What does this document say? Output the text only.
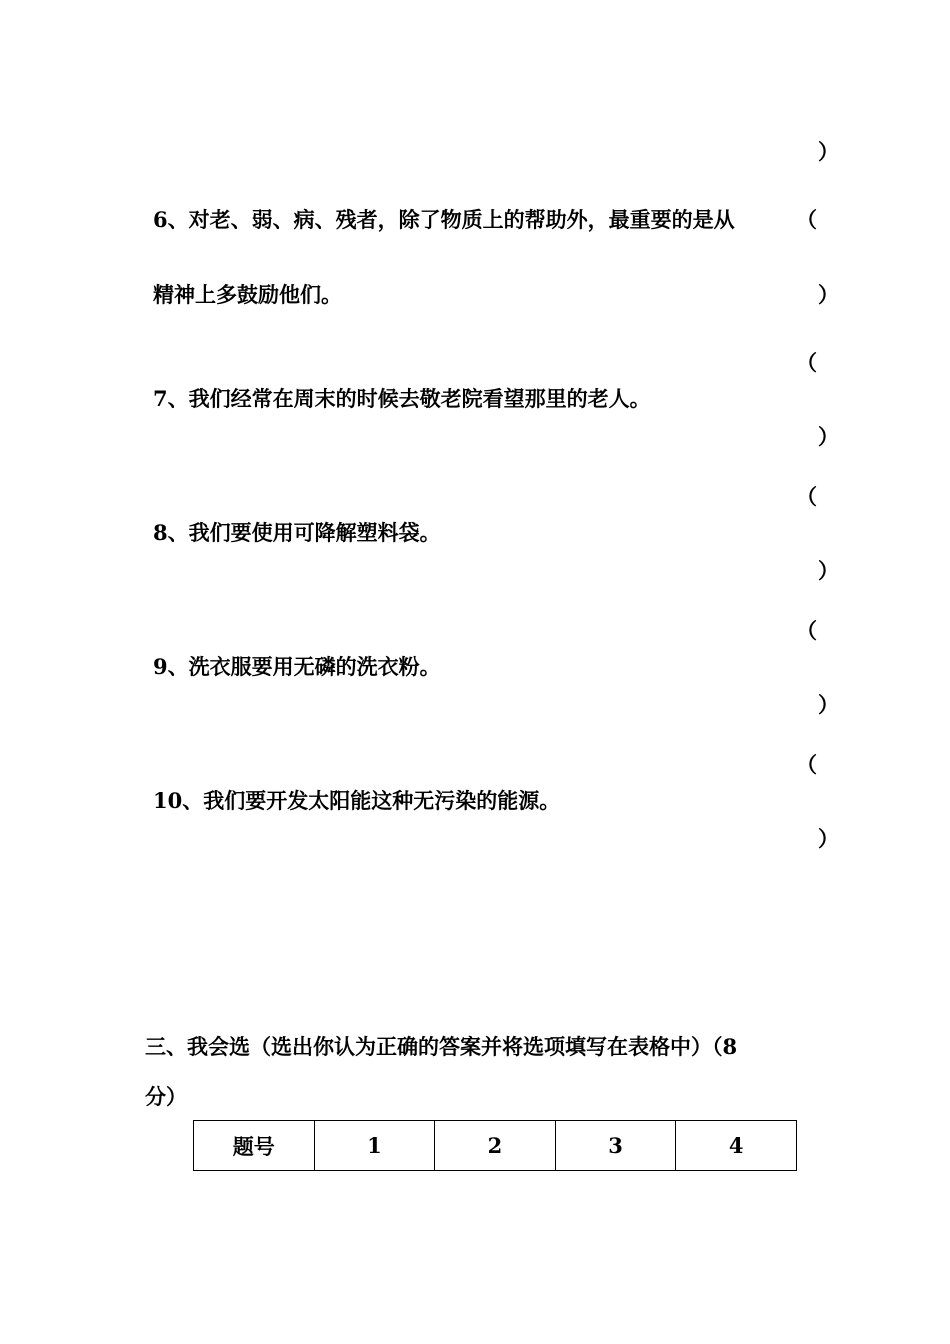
）
6、对老、弱、病、残者，除了物质上的帮助外，最重要的是从	（
精神上多鼓励他们。	）
（
7、我们经常在周末的时候去敬老院看望那里的老人。
）
（
8、我们要使用可降解塑料袋。
）
（
9、洗衣服要用无磷的洗衣粉。
）
（
10、我们要开发太阳能这种无污染的能源。
）
三、我会选（选出你认为正确的答案并将选项填写在表格中）（8
分）
题号	1	2	3	4
